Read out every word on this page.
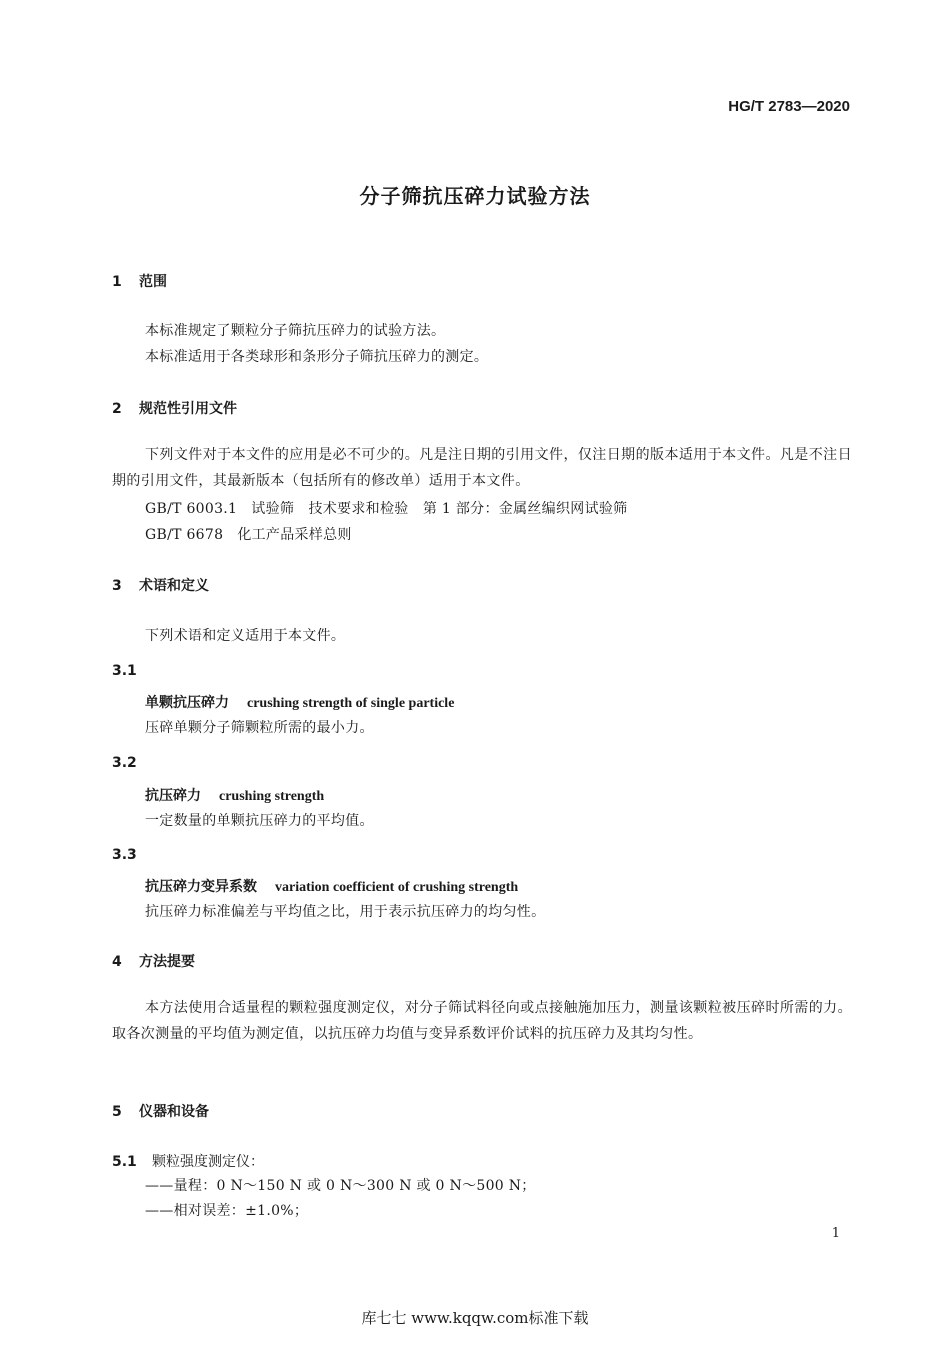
HG/T 2783—2020
分子筛抗压碎力试验方法
1 范围
本标准规定了颗粒分子筛抗压碎力的试验方法。
本标准适用于各类球形和条形分子筛抗压碎力的测定。
2 规范性引用文件
下列文件对于本文件的应用是必不可少的。凡是注日期的引用文件，仅注日期的版本适用于本文件。凡是不注日期的引用文件，其最新版本（包括所有的修改单）适用于本文件。
GB/T 6003.1 试验筛　技术要求和检验　第 1 部分：金属丝编织网试验筛
GB/T 6678 化工产品采样总则
3 术语和定义
下列术语和定义适用于本文件。
3.1
单颗抗压碎力 crushing strength of single particle
压碎单颗分子筛颗粒所需的最小力。
3.2
抗压碎力 crushing strength
一定数量的单颗抗压碎力的平均值。
3.3
抗压碎力变异系数 variation coefficient of crushing strength
抗压碎力标准偏差与平均值之比，用于表示抗压碎力的均匀性。
4 方法提要
本方法使用合适量程的颗粒强度测定仪，对分子筛试料径向或点接触施加压力，测量该颗粒被压碎时所需的力。取各次测量的平均值为测定值，以抗压碎力均值与变异系数评价试料的抗压碎力及其均匀性。
5 仪器和设备
5.1 颗粒强度测定仪：
——量程：0 N～150 N 或 0 N～300 N 或 0 N～500 N；
——相对误差：±1.0%；
1
库七七 www.kqqw.com标准下载
